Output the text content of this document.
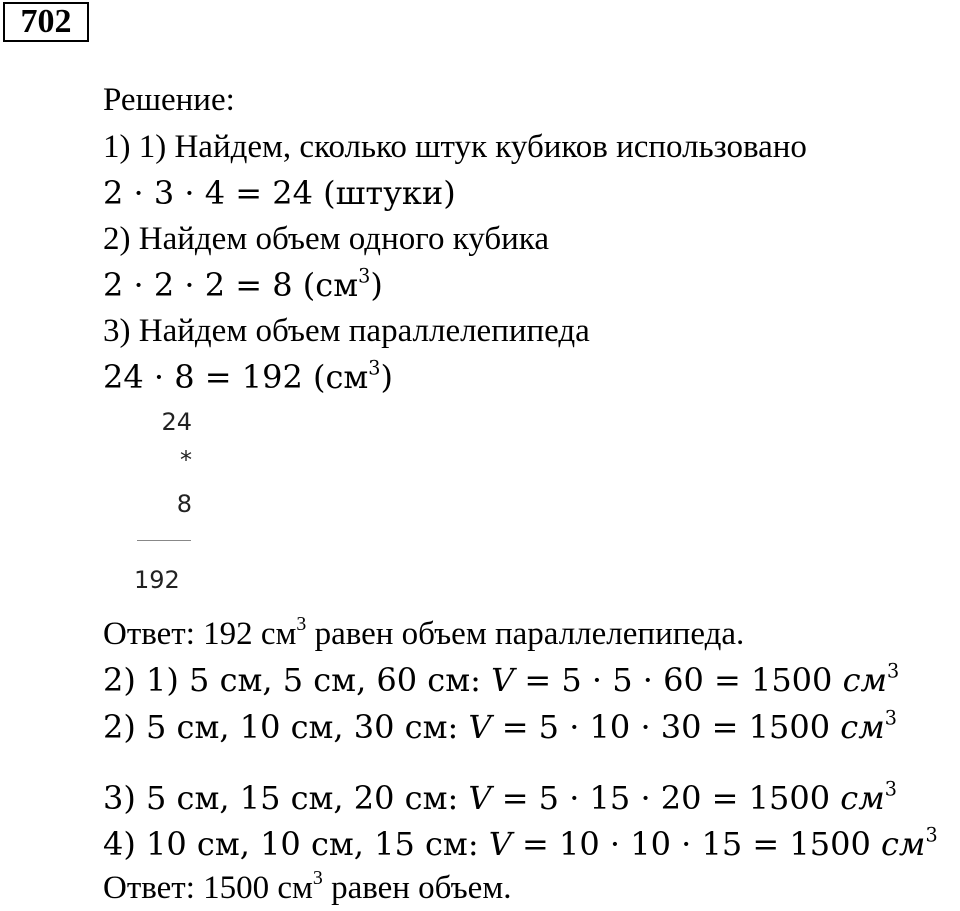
702
Решение:
1) 1) Найдем, сколько штук кубиков использовано
2 · 3 · 4 = 24 (штуки)
2) Найдем объем одного кубика
2 · 2 · 2 = 8 $(см^3)$
3) Найдем объем параллелепипеда
24 · 8 = 192 $(см^3)$
24
*
8
192
Ответ: 192 $см^3$ равен объем параллелепипеда.
2) 1) 5 см, 5 см, 60 см: V = 5 · 5 · 60 = 1500 $см^3$
2) 5 см, 10 см, 30 см: V = 5 · 10 · 30 = 1500 $см^3$
3) 5 см, 15 см, 20 см: V = 5 · 15 · 20 = 1500 $см^3$
4) 10 см, 10 см, 15 см: V = 10 · 10 · 15 = 1500 $см^3$
Ответ: 1500 $см^3$ равен объем.
